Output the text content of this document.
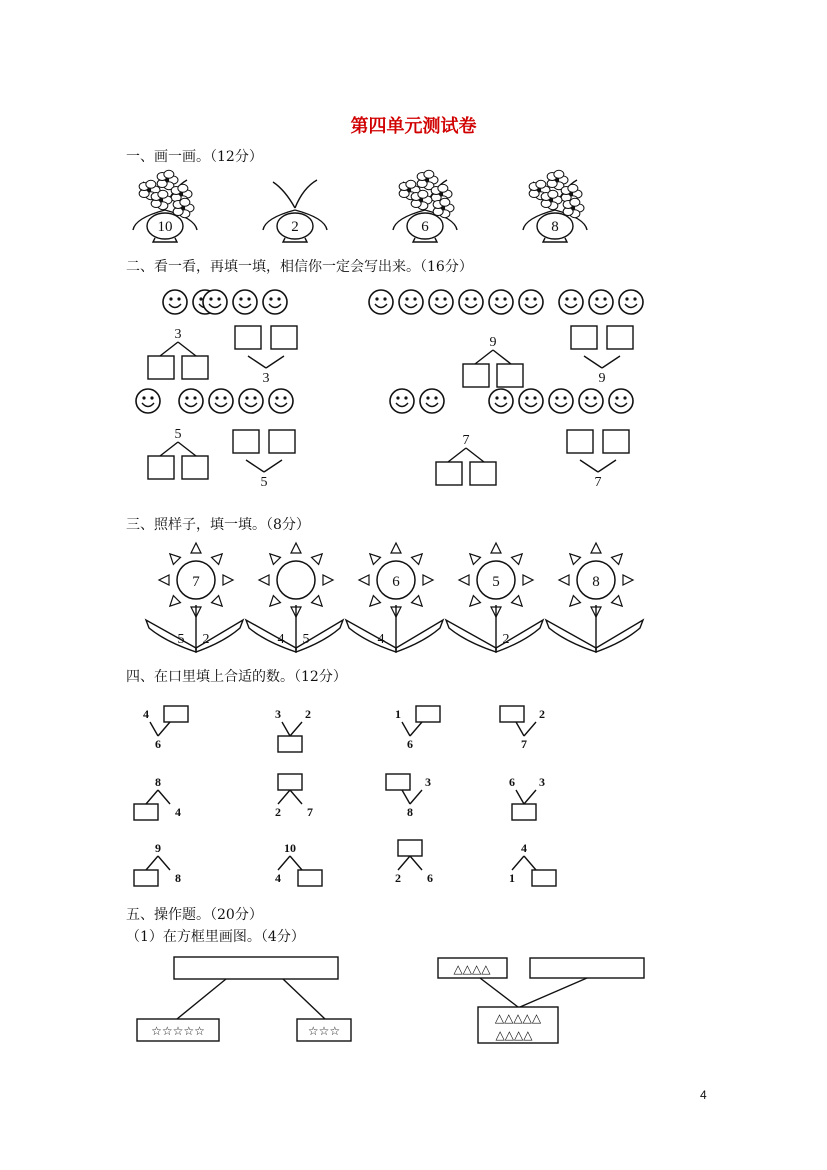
第四单元测试卷
一、画一画。（12分）
二、看一看，再填一填，相信你一定会写出来。（16分）
三、照样子，填一填。（8分）
四、在口里填上合适的数。（12分）
五、操作题。（20分）
（1）在方框里画图。（4分）
10	2	6	8
3
3
9
9
5
5
7
7
7
5 2	4 5
6
4
5
2
8
4
6
3 2	1
6
2
7
8
4	2 7
3
8
6 3
9
8
10
4	2 6
4
1
☆☆☆☆☆	☆☆☆
△△△△
△△△△△
△△△△
4
